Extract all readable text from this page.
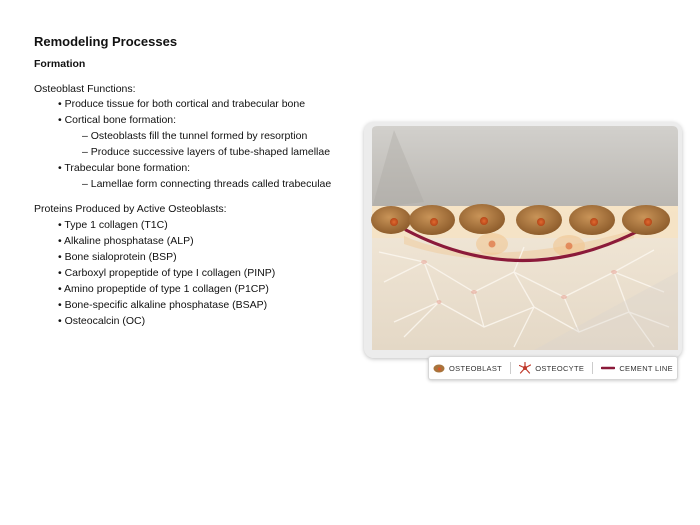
Remodeling Processes
Formation

Osteoblast Functions:

• Produce tissue for both cortical and trabecular bone

• Cortical bone formation:

– Osteoblasts fill the tunnel formed by resorption

– Produce successive layers of tube-shaped lamellae

• Trabecular bone formation:

– Lamellae form connecting threads called trabeculae

Proteins Produced by Active Osteoblasts:

• Type 1 collagen (T1C)

• Alkaline phosphatase (ALP)

• Bone sialoprotein (BSP)

• Carboxyl propeptide of type I collagen (PINP)

• Amino propeptide of type 1 collagen (P1CP)

• Bone-specific alkaline phosphatase (BSAP)

• Osteocalcin (OC)

OSTEOBLAST	OSTEOCYTE	CEMENT LINE
